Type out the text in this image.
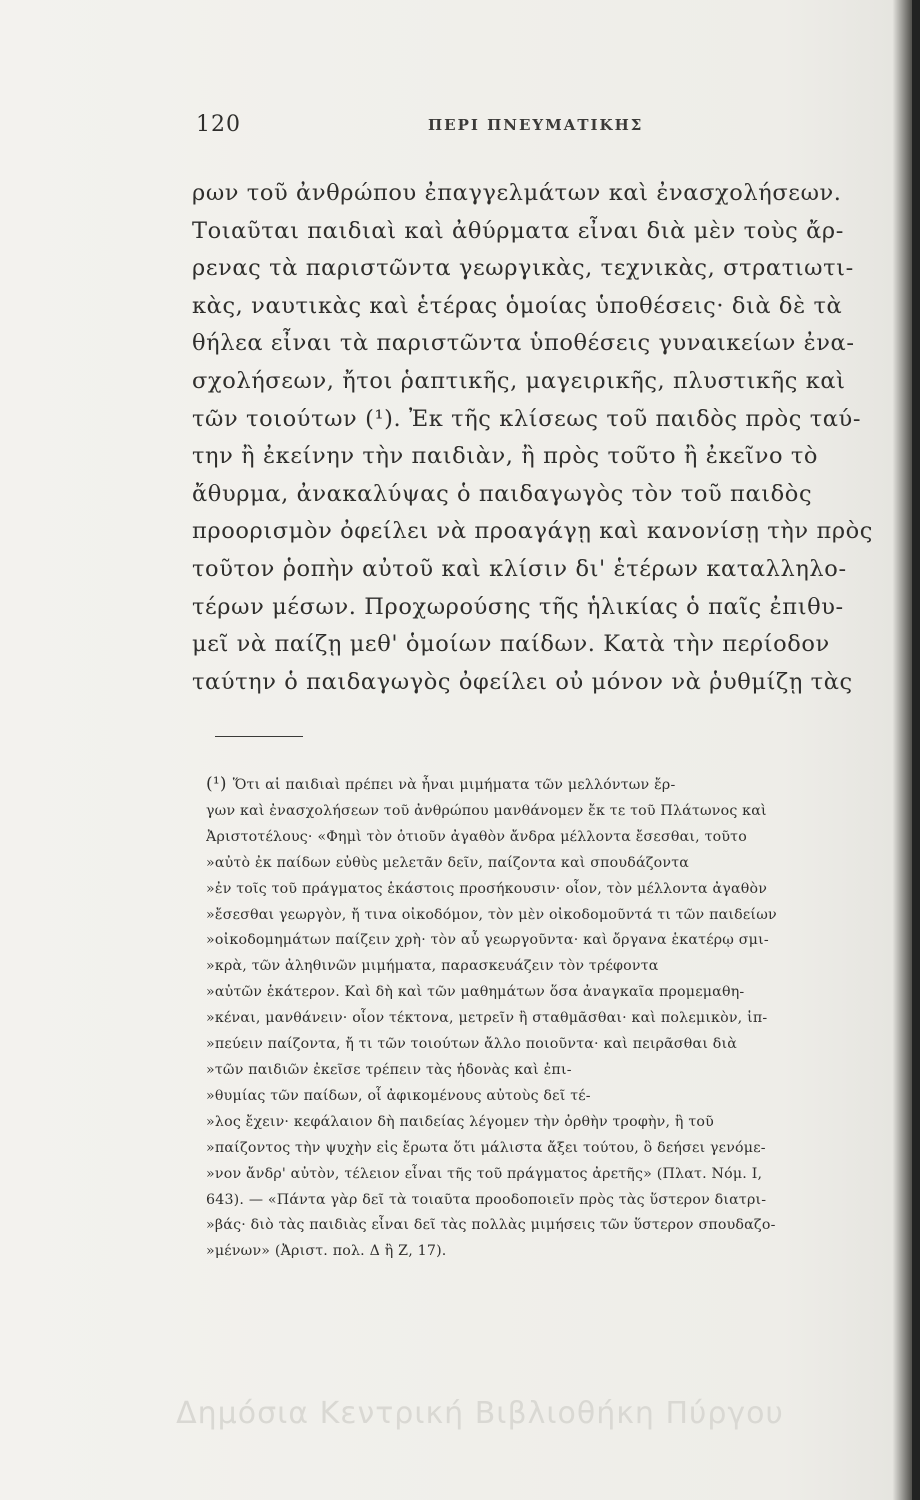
120	ΠΕΡΙ ΠΝΕΥΜΑΤΙΚΗΣ
ρων τοῦ ἀνθρώπου ἐπαγγελμάτων καὶ ἐνασχολήσεων.
Τοιαῦται παιδιαὶ καὶ ἀθύρματα εἶναι διὰ μὲν τοὺς ἄρ-
ρενας τὰ παριστῶντα γεωργικὰς, τεχνικὰς, στρατιωτι-
κὰς, ναυτικὰς καὶ ἑτέρας ὁμοίας ὑποθέσεις· διὰ δὲ τὰ
θήλεα εἶναι τὰ παριστῶντα ὑποθέσεις γυναικείων ἐνα-
σχολήσεων, ἤτοι ῥαπτικῆς, μαγειρικῆς, πλυστικῆς καὶ
τῶν τοιούτων (¹). Ἐκ τῆς κλίσεως τοῦ παιδὸς πρὸς ταύ-
την ἢ ἐκείνην τὴν παιδιὰν, ἢ πρὸς τοῦτο ἢ ἐκεῖνο τὸ
ἄθυρμα, ἀνακαλύψας ὁ παιδαγωγὸς τὸν τοῦ παιδὸς
προορισμὸν ὀφείλει νὰ προαγάγῃ καὶ κανονίσῃ τὴν πρὸς
τοῦτον ῥοπὴν αὐτοῦ καὶ κλίσιν δι' ἑτέρων καταλληλο-
τέρων μέσων. Προχωρούσης τῆς ἡλικίας ὁ παῖς ἐπιθυ-
μεῖ νὰ παίζῃ μεθ' ὁμοίων παίδων. Κατὰ τὴν περίοδον
ταύτην ὁ παιδαγωγὸς ὀφείλει οὐ μόνον νὰ ῥυθμίζῃ τὰς
(¹) Ὅτι αἱ παιδιαὶ πρέπει νὰ ἦναι μιμήματα τῶν μελλόντων ἔρ-
γων καὶ ἐνασχολήσεων τοῦ ἀνθρώπου μανθάνομεν ἔκ τε τοῦ Πλάτωνος καὶ
Ἀριστοτέλους· «Φημὶ τὸν ὁτιοῦν ἀγαθὸν ἄνδρα μέλλοντα ἔσεσθαι, τοῦτο
»αὐτὸ ἐκ παίδων εὐθὺς μελετᾶν δεῖν, παίζοντα καὶ σπουδάζοντα
»ἐν τοῖς τοῦ πράγματος ἑκάστοις προσήκουσιν· οἷον, τὸν μέλλοντα ἀγαθὸν
»ἔσεσθαι γεωργὸν, ἤ τινα οἰκοδόμον, τὸν μὲν οἰκοδομοῦντά τι τῶν παιδείων
»οἰκοδομημάτων παίζειν χρὴ· τὸν αὖ γεωργοῦντα· καὶ ὄργανα ἑκατέρῳ σμι-
»κρὰ, τῶν ἀληθινῶν μιμήματα, παρασκευάζειν τὸν τρέφοντα
»αὐτῶν ἑκάτερον. Καὶ δὴ καὶ τῶν μαθημάτων ὅσα ἀναγκαῖα προμεμαθη-
»κέναι, μανθάνειν· οἷον τέκτονα, μετρεῖν ἢ σταθμᾶσθαι· καὶ πολεμικὸν, ἱπ-
»πεύειν παίζοντα, ἤ τι τῶν τοιούτων ἄλλο ποιοῦντα· καὶ πειρᾶσθαι διὰ
»τῶν παιδιῶν ἐκεῖσε τρέπειν τὰς ἡδονὰς καὶ ἐπι-
»θυμίας τῶν παίδων, οἷ ἀφικομένους αὐτοὺς δεῖ τέ-
»λος ἔχειν· κεφάλαιον δὴ παιδείας λέγομεν τὴν ὀρθὴν τροφὴν, ἣ τοῦ
»παίζοντος τὴν ψυχὴν εἰς ἔρωτα ὅτι μάλιστα ἄξει τούτου, ὃ δεήσει γενόμε-
»νον ἄνδρ' αὐτὸν, τέλειον εἶναι τῆς τοῦ πράγματος ἀρετῆς» (Πλατ. Νόμ. Ι,
643). — «Πάντα γὰρ δεῖ τὰ τοιαῦτα προοδοποιεῖν πρὸς τὰς ὕστερον διατρι-
»βάς· διὸ τὰς παιδιὰς εἶναι δεῖ τὰς πολλὰς μιμήσεις τῶν ὕστερον σπουδαζο-
»μένων» (Ἀριστ. πολ. Δ ἢ Ζ, 17).
Δημόσια Κεντρική Βιβλιοθήκη Πύργου
